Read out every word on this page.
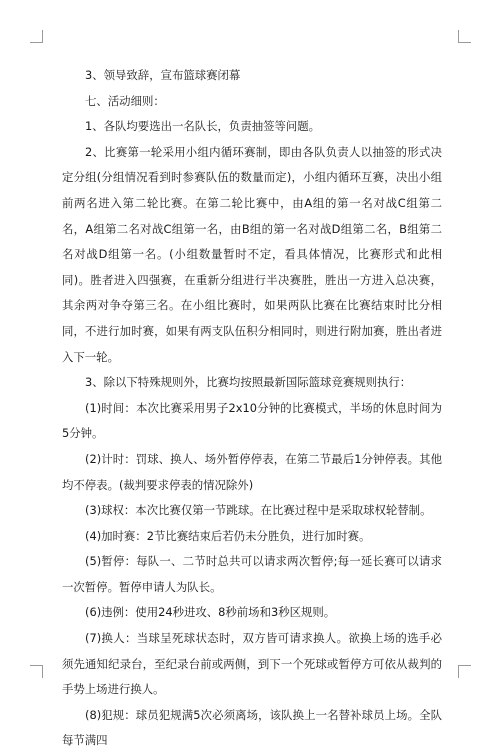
3、领导致辞，宣布篮球赛闭幕

七、活动细则：

1、各队均要选出一名队长，负责抽签等问题。

2、比赛第一轮采用小组内循环赛制，即由各队负责人以抽签的形式决定分组(分组情况看到时参赛队伍的数量而定)，小组内循环互赛，决出小组前两名进入第二轮比赛。在第二轮比赛中，由A组的第一名对战C组第二名，A组第二名对战C组第一名，由B组的第一名对战D组第二名，B组第二名对战D组第一名。(小组数量暂时不定，看具体情况，比赛形式和此相同)。胜者进入四强赛，在重新分组进行半决赛胜，胜出一方进入总决赛，其余两对争夺第三名。在小组比赛时，如果两队比赛在比赛结束时比分相同，不进行加时赛，如果有两支队伍积分相同时，则进行附加赛，胜出者进入下一轮。

3、除以下特殊规则外，比赛均按照最新国际篮球竞赛规则执行：

(1)时间：本次比赛采用男子2x10分钟的比赛模式，半场的休息时间为5分钟。

(2)计时：罚球、换人、场外暂停停表，在第二节最后1分钟停表。其他均不停表。(裁判要求停表的情况除外)

(3)球权：本次比赛仅第一节跳球。在比赛过程中是采取球权轮替制。

(4)加时赛：2节比赛结束后若仍未分胜负，进行加时赛。

(5)暂停：每队一、二节时总共可以请求两次暂停;每一延长赛可以请求一次暂停。暂停申请人为队长。

(6)违例：使用24秒进攻、8秒前场和3秒区规则。

(7)换人：当球呈死球状态时，双方皆可请求换人。欲换上场的选手必须先通知纪录台，至纪录台前或两侧，到下一个死球或暂停方可依从裁判的手势上场进行换人。

(8)犯规：球员犯规满5次必须离场，该队换上一名替补球员上场。全队每节满四
